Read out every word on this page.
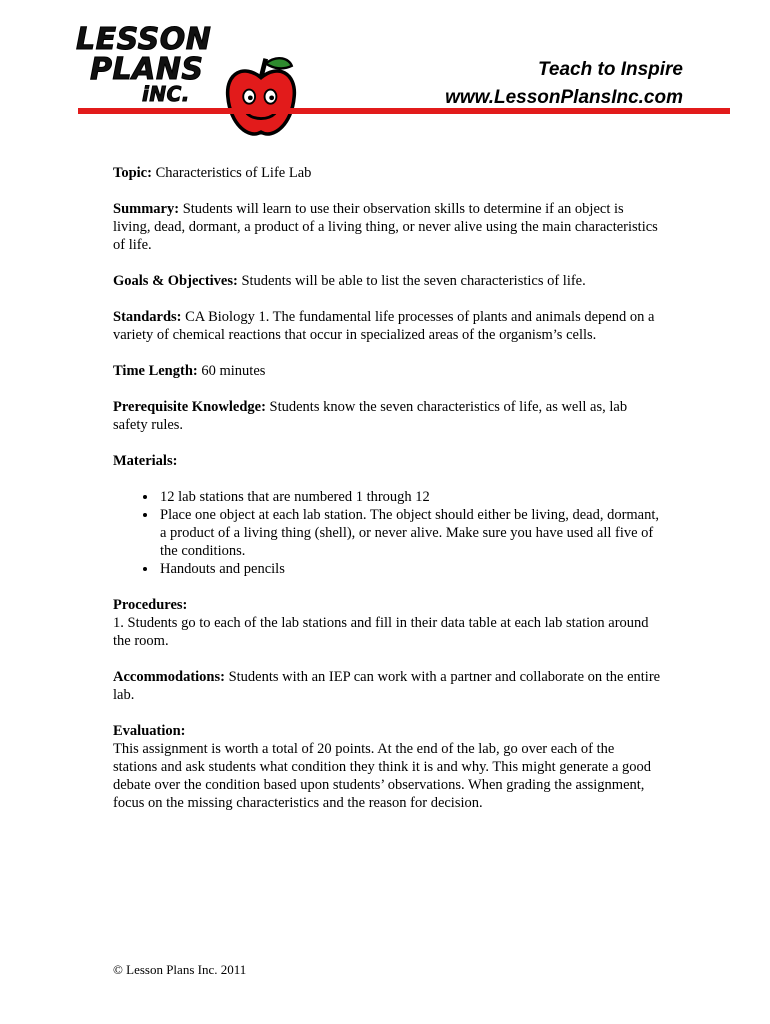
LESSON
PLANS
iNC.
Teach to Inspire
www.LessonPlansInc.com

Topic: Characteristics of Life Lab

Summary: Students will learn to use their observation skills to determine if an object is living, dead, dormant, a product of a living thing, or never alive using the main characteristics of life.

Goals & Objectives: Students will be able to list the seven characteristics of life.

Standards: CA Biology 1. The fundamental life processes of plants and animals depend on a variety of chemical reactions that occur in specialized areas of the organism’s cells.

Time Length: 60 minutes

Prerequisite Knowledge: Students know the seven characteristics of life, as well as, lab safety rules.

Materials:
• 12 lab stations that are numbered 1 through 12
• Place one object at each lab station. The object should either be living, dead, dormant, a product of a living thing (shell), or never alive. Make sure you have used all five of the conditions.
• Handouts and pencils

Procedures:
1. Students go to each of the lab stations and fill in their data table at each lab station around the room.

Accommodations: Students with an IEP can work with a partner and collaborate on the entire lab.

Evaluation:
This assignment is worth a total of 20 points. At the end of the lab, go over each of the stations and ask students what condition they think it is and why. This might generate a good debate over the condition based upon students’ observations. When grading the assignment, focus on the missing characteristics and the reason for decision.

© Lesson Plans Inc. 2011
